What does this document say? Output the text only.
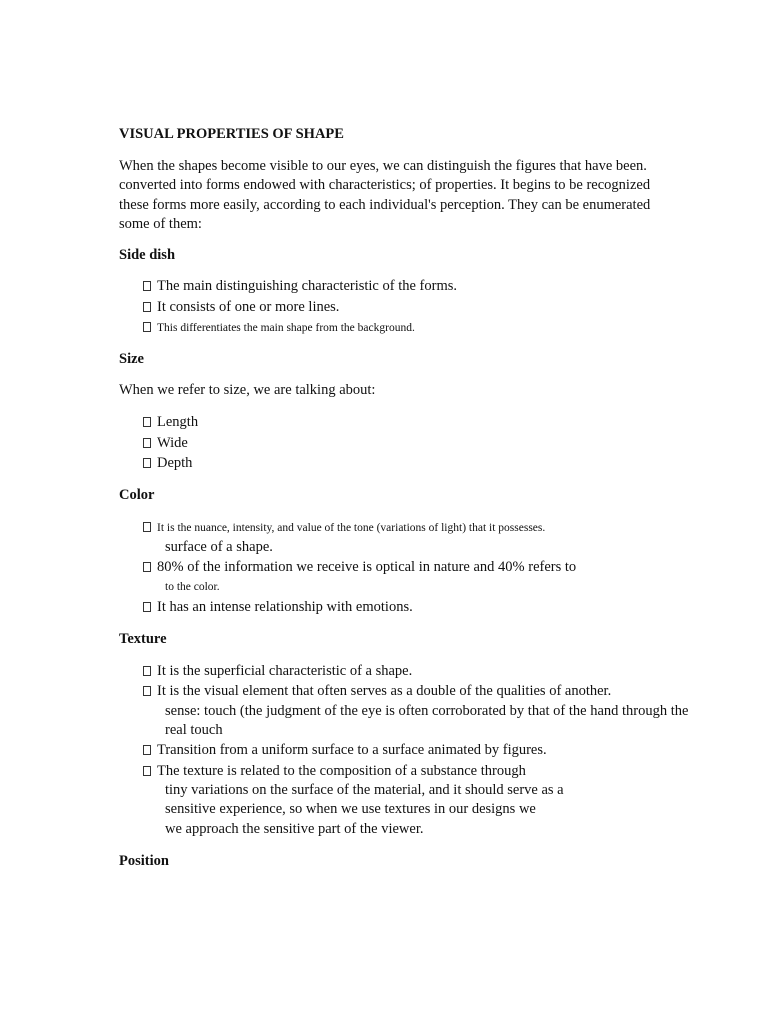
VISUAL PROPERTIES OF SHAPE
When the shapes become visible to our eyes, we can distinguish the figures that have been.
converted into forms endowed with characteristics; of properties. It begins to be recognized
these forms more easily, according to each individual's perception. They can be enumerated
some of them:
Side dish
The main distinguishing characteristic of the forms.
It consists of one or more lines.
This differentiates the main shape from the background.
Size
When we refer to size, we are talking about:
Length
Wide
Depth
Color
It is the nuance, intensity, and value of the tone (variations of light) that it possesses.
surface of a shape.
80% of the information we receive is optical in nature and 40% refers to
to the color.
It has an intense relationship with emotions.
Texture
It is the superficial characteristic of a shape.
It is the visual element that often serves as a double of the qualities of another.
sense: touch (the judgment of the eye is often corroborated by that of the hand through the
real touch
Transition from a uniform surface to a surface animated by figures.
The texture is related to the composition of a substance through
tiny variations on the surface of the material, and it should serve as a
sensitive experience, so when we use textures in our designs we
we approach the sensitive part of the viewer.
Position
